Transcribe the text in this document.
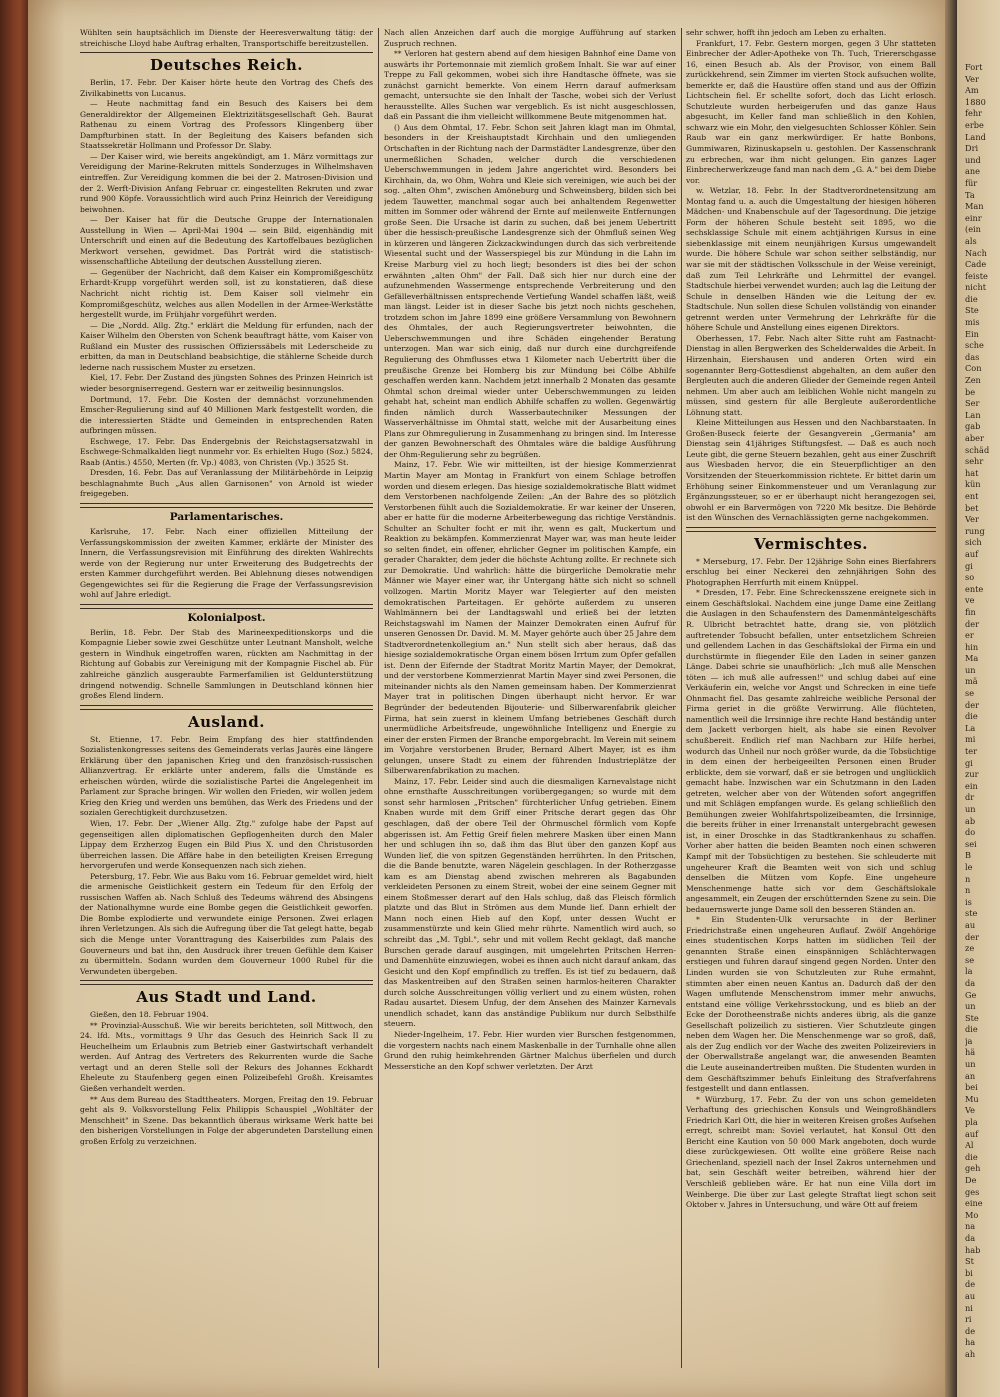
Fort
Ver
Am
1880
fehr
erbe
Land
Dri
und
ane
für
Ta
Man
einr
(ein
als
Nach
Cade
feiste
nicht
die
Ste
mis
Ein
sche
das
Con
Zen
be
Ser
Lan
gab
aber
schäd
sehr
hat
kün
ent
bet
Ver
rung
sich
auf
gi
so
ente
ve
fin
der
er
hin
Ma
un
mä
se
der
die
La
mi
ter
gi
zur
ein
dr
un
ab
do
sei
B
le
n
n
is
ste
au
der
ze
se
la
da
Ge
un
Ste
die
ja
hä
un
an
bei
Mu
Ve
pla
auf
Al
die
geh
De
ges
eine
Mo
na
da
hab
St
bi
de
au
ni
ri
de
ha
ah

Wühlten sein hauptsächlich im Dienste der Heeresverwaltung tätig: der streichische Lloyd habe Auftrag erhalten, Transportschiffe bereitzustellen.

Deutsches Reich.

Berlin, 17. Febr. Der Kaiser hörte heute den Vortrag des Chefs des Zivilkabinetts von Lucanus.

— Heute nachmittag fand ein Besuch des Kaisers bei dem Generaldirektor der Allgemeinen Elektrizitätsgesellschaft Geh. Baurat Rathenau zu einem Vortrag des Professors Klingenberg über Dampfturbinen statt. In der Begleitung des Kaisers befanden sich Staatssekretär Hollmann und Professor Dr. Slaby.

— Der Kaiser wird, wie bereits angekündigt, am 1. März vormittags zur Vereidigung der Marine-Rekruten mittels Sonderzuges in Wilhelmshaven eintreffen. Zur Vereidigung kommen die bei der 2. Matrosen-Division und der 2. Werft-Division Anfang Februar cr. eingestellten Rekruten und zwar rund 900 Köpfe. Voraussichtlich wird auch Prinz Heinrich der Vereidigung beiwohnen.

— Der Kaiser hat für die Deutsche Gruppe der Internationalen Ausstellung in Wien — April-Mai 1904 — sein Bild, eigenhändig mit Unterschrift und einen auf die Bedeutung des Kartoffelbaues bezüglichen Merkwort versehen, gewidmet. Das Porträt wird die statistisch-wissenschaftliche Abteilung der deutschen Ausstellung zieren.

— Gegenüber der Nachricht, daß dem Kaiser ein Kompromißgeschütz Erhardt-Krupp vorgeführt werden soll, ist zu konstatieren, daß diese Nachricht nicht richtig ist. Dem Kaiser soll vielmehr ein Kompromißgeschütz, welches aus allen Modellen in der Armee-Werkstätte hergestellt wurde, im Frühjahr vorgeführt werden.

— Die „Nordd. Allg. Ztg." erklärt die Meldung für erfunden, nach der Kaiser Wilhelm den Obersten von Schenk beauftragt hätte, vom Kaiser von Rußland ein Muster des russischen Offizierssäbels mit Lederscheide zu erbitten, da man in Deutschland beabsichtige, die stählerne Scheide durch lederne nach russischem Muster zu ersetzen.

Kiel, 17. Febr. Der Zustand des jüngsten Sohnes des Prinzen Heinrich ist wieder besorgniserregend. Gestern war er zeitweilig besinnungslos.

Dortmund, 17. Febr. Die Kosten der demnächst vorzunehmenden Emscher-Regulierung sind auf 40 Millionen Mark festgestellt worden, die die interessierten Städte und Gemeinden in entsprechenden Raten aufbringen müssen.

Eschwege, 17. Febr. Das Endergebnis der Reichstagsersatzwahl in Eschwege-Schmalkalden liegt nunmehr vor. Es erhielten Hugo (Soz.) 5824, Raab (Antis.) 4550, Merten (fr. Vp.) 4083, von Christen (Vp.) 3525 St.

Dresden, 16. Febr. Das auf Veranlassung der Militärbehörde in Leipzig beschlagnahmte Buch „Aus allen Garnisonen" von Arnold ist wieder freigegeben.

Parlamentarisches.

Karlsruhe, 17. Febr. Nach einer offiziellen Mitteilung der Verfassungskommission der zweiten Kammer, erklärte der Minister des Innern, die Verfassungsrevision mit Einführung des direkten Wahlrechts werde von der Regierung nur unter Erweiterung des Budgetrechts der ersten Kammer durchgeführt werden. Bei Ablehnung dieses notwendigen Gegengewichtes sei für die Regierung die Frage der Verfassungsrevision wohl auf Jahre erledigt.

Kolonialpost.

Berlin, 18. Febr. Der Stab des Marineexpeditionskorps und die Kompagnie Lieber sowie zwei Geschütze unter Leutnant Mansholt, welche gestern in Windhuk eingetroffen waren, rückten am Nachmittag in der Richtung auf Gobabis zur Vereinigung mit der Kompagnie Fischel ab. Für zahlreiche gänzlich ausgeraubte Farmerfamilien ist Geldunterstützung dringend notwendig. Schnelle Sammlungen in Deutschland können hier großes Elend lindern.

Ausland.

St. Etienne, 17. Febr. Beim Empfang des hier stattfindenden Sozialistenkongresses seitens des Gemeinderats verlas Jaurès eine längere Erklärung über den japanischen Krieg und den französisch-russischen Allianzvertrag. Er erklärte unter anderem, falls die Umstände es erheischen würden, würde die sozialistische Partei die Angelegenheit im Parlament zur Sprache bringen. Wir wollen den Frieden, wir wollen jedem Krieg den Krieg und werden uns bemühen, das Werk des Friedens und der sozialen Gerechtigkeit durchzusetzen.

Wien, 17. Febr. Der „Wiener Allg. Ztg." zufolge habe der Papst auf gegenseitigen allen diplomatischen Gepflogenheiten durch den Maler Lippay dem Erzherzog Eugen ein Bild Pius X. und den Christusorden überreichen lassen. Die Affäre habe in den beteiligten Kreisen Erregung hervorgerufen und werde Konsequenzen nach sich ziehen.

Petersburg, 17. Febr. Wie aus Baku vom 16. Februar gemeldet wird, hielt die armenische Geistlichkeit gestern ein Tedeum für den Erfolg der russischen Waffen ab. Nach Schluß des Tedeums während des Absingens der Nationalhymne wurde eine Bombe gegen die Geistlichkeit geworfen. Die Bombe explodierte und verwundete einige Personen. Zwei erlagen ihren Verletzungen. Als sich die Aufregung über die Tat gelegt hatte, begab sich die Menge unter Voranttragung des Kaiserbildes zum Palais des Gouverneurs und bat ihn, den Ausdruck ihrer treuen Gefühle dem Kaiser zu übermitteln. Sodann wurden dem Gouverneur 1000 Rubel für die Verwundeten übergeben.

Aus Stadt und Land.

Gießen, den 18. Februar 1904.

** Provinzial-Ausschuß. Wie wir bereits berichteten, soll Mittwoch, den 24. lfd. Mts., vormittags 9 Uhr das Gesuch des Heinrich Sack II zu Heuchelheim um Erlaubnis zum Betrieb einer Gastwirtschaft verhandelt werden. Auf Antrag des Vertreters des Rekurrenten wurde die Sache vertagt und an deren Stelle soll der Rekurs des Johannes Eckhardt Eheleute zu Staufenberg gegen einen Polizeibefehl Großh. Kreisamtes Gießen verhandelt werden.

** Aus dem Bureau des Stadttheaters. Morgen, Freitag den 19. Februar geht als 9. Volksvorstellung Felix Philippis Schauspiel „Wohltäter der Menschheit" in Szene. Das bekanntlich überaus wirksame Werk hatte bei den bisherigen Vorstellungen in Folge der abgerundeten Darstellung einen großen Erfolg zu verzeichnen.

Nach allen Anzeichen darf auch die morgige Aufführung auf starken Zuspruch rechnen.

** Verloren hat gestern abend auf dem hiesigen Bahnhof eine Dame von auswärts ihr Portemonnaie mit ziemlich großem Inhalt. Sie war auf einer Treppe zu Fall gekommen, wobei sich ihre Handtasche öffnete, was sie zunächst garnicht bemerkte. Von einem Herrn darauf aufmerksam gemacht, untersuchte sie den Inhalt der Tasche, wobei sich der Verlust herausstellte. Alles Suchen war vergeblich. Es ist nicht ausgeschlossen, daß ein Passant die ihm vielleicht willkommene Beute mitgenommen hat.

() Aus dem Ohmtal, 17. Febr. Schon seit Jahren klagt man im Ohmtal, besonders in der Kreishauptstadt Kirchhain und den umliegenden Ortschaften in der Richtung nach der Darmstädter Landesgrenze, über den unermeßlichen Schaden, welcher durch die verschiedenen Ueberschwemmungen in jedem Jahre angerichtet wird. Besonders bei Kirchhain, da, wo Ohm, Wohra und Kleie sich vereinigen, wie auch bei der sog. „alten Ohm", zwischen Amöneburg und Schweinsberg, bilden sich bei jedem Tauwetter, manchmal sogar auch bei anhaltendem Regenwetter mitten im Sommer oder während der Ernte auf meilenweite Entfernungen große Seen. Die Ursache ist darin zu suchen, daß bei jenem Uebertritt über die hessisch-preußische Landesgrenze sich der Ohmfluß seinen Weg in kürzeren und längeren Zickzackwindungen durch das sich verbreitende Wiesental sucht und der Wasserspiegel bis zur Mündung in die Lahn im Kreise Marburg viel zu hoch liegt; besonders ist dies bei der schon erwähnten „alten Ohm" der Fall. Daß sich hier nur durch eine der aufzunehmenden Wassermenge entsprechende Verbreiterung und den Gefälleverhältnissen entsprechende Vertiefung Wandel schaffen läßt, weiß man längst. Leider ist in dieser Sache bis jetzt noch nichts geschehen, trotzdem schon im Jahre 1899 eine größere Versammlung von Bewohnern des Ohmtales, der auch Regierungsvertreter beiwohnten, die Ueberschwemmungen und ihre Schäden eingehender Beratung unterzogen. Man war sich einig, daß nur durch eine durchgreifende Regulierung des Ohmflusses etwa 1 Kilometer nach Uebertritt über die preußische Grenze bei Homberg bis zur Mündung bei Cölbe Abhilfe geschaffen werden kann. Nachdem jetzt innerhalb 2 Monaten das gesamte Ohmtal schon dreimal wieder unter Ueberschwemmungen zu leiden gehabt hat, scheint man endlich Abhilfe schaffen zu wollen. Gegenwärtig finden nämlich durch Wasserbautechniker Messungen der Wasserverhältnisse im Ohmtal statt, welche mit der Ausarbeitung eines Plans zur Ohmregulierung in Zusammenhang zu bringen sind. Im Interesse der ganzen Bewohnerschaft des Ohmtales wäre die baldige Ausführung der Ohm-Regulierung sehr zu begrüßen.

Mainz, 17. Febr. Wie wir mitteilten, ist der hiesige Kommerzienrat Martin Mayer am Montag in Frankfurt von einem Schlage betroffen worden und diesem erlegen. Das hiesige sozialdemokratische Blatt widmet dem Verstorbenen nachfolgende Zeilen: „An der Bahre des so plötzlich Verstorbenen fühlt auch die Sozialdemokratie. Er war keiner der Unseren, aber er hatte für die moderne Arbeiterbewegung das richtige Verständnis. Schulter an Schulter focht er mit ihr, wenn es galt, Muckertum und Reaktion zu bekämpfen. Kommerzienrat Mayer war, was man heute leider so selten findet, ein offener, ehrlicher Gegner im politischen Kampfe, ein gerader Charakter, dem jeder die höchste Achtung zollte. Er rechnete sich zur Demokratie. Und wahrlich: hätte die bürgerliche Demokratie mehr Männer wie Mayer einer war, ihr Untergang hätte sich nicht so schnell vollzogen. Martin Moritz Mayer war Telegierter auf den meisten demokratischen Parteitagen. Er gehörte außerdem zu unseren Wahlmännern bei der Landtagswahl und erließ bei der letzten Reichstagswahl im Namen der Mainzer Demokraten einen Aufruf für unseren Genossen Dr. David. M. M. Mayer gehörte auch über 25 Jahre dem Stadtverordnetenkollegium an." Nun stellt sich aber heraus, daß das hiesige sozialdemokratische Organ einem bösen Irrtum zum Opfer gefallen ist. Denn der Eifernde der Stadtrat Moritz Martin Mayer, der Demokrat, und der verstorbene Kommerzienrat Martin Mayer sind zwei Personen, die miteinander nichts als den Namen gemeinsam haben. Der Kommerzienrat Mayer trat in politischen Dingen überhaupt nicht hervor. Er war Begründer der bedeutenden Bijouterie- und Silberwarenfabrik gleicher Firma, hat sein zuerst in kleinem Umfang betriebenes Geschäft durch unermüdliche Arbeitsfreude, ungewöhnliche Intelligenz und Energie zu einer der ersten Firmen der Branche emporgebracht. Im Verein mit seinem im Vorjahre verstorbenen Bruder, Bernard Albert Mayer, ist es ihm gelungen, unsere Stadt zu einem der führenden Industrieplätze der Silberwarenfabrikation zu machen.

Mainz, 17. Febr. Leider sind auch die diesmaligen Karnevalstage nicht ohne ernsthafte Ausschreitungen vorübergegangen; so wurde mit dem sonst sehr harmlosen „Pritschen" fürchterlicher Unfug getrieben. Einem Knaben wurde mit dem Griff einer Pritsche derart gegen das Ohr geschlagen, daß der obere Teil der Ohrmuschel förmlich vom Kopfe abgerissen ist. Am Fettig Greif fielen mehrere Masken über einen Mann her und schlugen ihn so, daß ihm das Blut über den ganzen Kopf aus Wunden lief, die von spitzen Gegenständen herrührten. In den Pritschen, die die Bande benutzte, waren Nägelein geschlagen. In der Rotherzgasse kam es am Dienstag abend zwischen mehreren als Bagabunden verkleideten Personen zu einem Streit, wobei der eine seinem Gegner mit einem Stoßmesser derart auf den Hals schlug, daß das Fleisch förmlich platzte und das Blut in Strömen aus dem Munde lief. Dann erhielt der Mann noch einen Hieb auf den Kopf, unter dessen Wucht er zusammenstürzte und kein Glied mehr rührte. Namentlich wird auch, so schreibt das „M. Tgbl.", sehr und mit vollem Recht geklagt, daß manche Burschen gerade darauf ausgingen, mit umgelehrten Pritschen Herren- und Damenhüte einzuwiegen, wobei es ihnen auch nicht darauf ankam, das Gesicht und den Kopf empfindlich zu treffen. Es ist tief zu bedauern, daß das Maskentreiben auf den Straßen seinen harmlos-heiteren Charakter durch solche Ausschreitungen völlig verliert und zu einem wüsten, rohen Radau ausartet. Diesem Unfug, der dem Ansehen des Mainzer Karnevals unendlich schadet, kann das anständige Publikum nur durch Selbsthilfe steuern.

Nieder-Ingelheim, 17. Febr. Hier wurden vier Burschen festgenommen, die vorgestern nachts nach einem Maskenballe in der Turnhalle ohne allen Grund den ruhig heimkehrenden Gärtner Malchus überfielen und durch Messerstiche an den Kopf schwer verletzten. Der Arzt

sehr schwer, hofft ihn jedoch am Leben zu erhalten.

Frankfurt, 17. Febr. Gestern morgen, gegen 3 Uhr statteten Einbrecher der Adler-Apotheke von Th. Tuch, Triererschgasse 16, einen Besuch ab. Als der Provisor, von einem Ball zurückkehrend, sein Zimmer im vierten Stock aufsuchen wollte, bemerkte er, daß die Haustüre offen stand und aus der Offizin Lichtschein fiel. Er schellte sofort, doch das Licht erlosch. Schutzleute wurden herbeigerufen und das ganze Haus abgesucht, im Keller fand man schließlich in den Kohlen, schwarz wie ein Mohr, den vielgesuchten Schlosser Köhler. Sein Raub war ein ganz merkwürdiger. Er hatte Bonbons, Gummiwaren, Rizinuskapseln u. gestohlen. Der Kassenschrank zu erbrechen, war ihm nicht gelungen. Ein ganzes Lager Einbrecherwerkzeuge fand man nach dem „G. A." bei dem Diebe vor.

w. Wetzlar, 18. Febr. In der Stadtverordnetensitzung am Montag fand u. a. auch die Umgestaltung der hiesigen höheren Mädchen- und Knabenschule auf der Tagesordnung. Die jetzige Form der höheren Schule besteht seit 1895, wo die sechsklassige Schule mit einem achtjährigen Kursus in eine siebenklassige mit einem neunjährigen Kursus umgewandelt wurde. Die höhere Schule war schon seither selbständig, nur war sie mit der städtischen Volksschule in der Weise vereinigt, daß zum Teil Lehrkräfte und Lehrmittel der evangel. Stadtschule hierbei verwendet wurden; auch lag die Leitung der Schule in denselben Händen wie die Leitung der ev. Stadtschule. Nun sollen diese Schulen vollständig von einander getrennt werden unter Vermehrung der Lehrkräfte für die höhere Schule und Anstellung eines eigenen Direktors.

Oberhessen, 17. Febr. Nach alter Sitte ruht am Fastnacht-Dienstag in allen Bergwerken des Schelderwaldes die Arbeit. In Hirzenhain, Eiershausen und anderen Orten wird ein sogenannter Berg-Gottesdienst abgehalten, an dem außer den Bergleuten auch die anderen Glieder der Gemeinde regen Anteil nehmen. Um aber auch am leiblichen Wohle nicht mangeln zu müssen, sind gestern für alle Bergleute außerordentliche Löhnung statt.

Kleine Mitteilungen aus Hessen und den Nachbarstaaten. In Großen-Buseck feierte der Gesangverein „Germania" am Dienstag sein 41jähriges Stiftungsfest. — Daß es auch noch Leute gibt, die gerne Steuern bezahlen, geht aus einer Zuschrift aus Wiesbaden hervor, die ein Steuerpflichtiger an den Vorsitzenden der Steuerkommission richtete. Er bittet darin um Erhöhung seiner Einkommensteuer und um Veranlagung zur Ergänzungssteuer, so er er überhaupt nicht herangezogen sei, obwohl er ein Barvermögen von 7220 Mk besitze. Die Behörde ist den Wünschen des Vernachlässigten gerne nachgekommen.

Vermischtes.

* Merseburg, 17. Febr. Der 12jährige Sohn eines Bierfahrers erschlug bei einer Neckerei den zehnjährigen Sohn des Photographen Herrfurth mit einem Knüppel.

* Dresden, 17. Febr. Eine Schreckensszene ereignete sich in einem Geschäftslokal. Nachdem eine junge Dame eine Zeitlang die Auslagen in den Schaufenstern des Damenmäntelgeschäfts R. Ulbricht betrachtet hatte, drang sie, von plötzlich auftretender Tobsucht befallen, unter entsetzlichem Schreien und gellendem Lachen in das Geschäftslokal der Firma ein und durchstürmte in fliegender Eile den Laden in seiner ganzen Länge. Dabei schrie sie unaufhörlich: „Ich muß alle Menschen töten — ich muß alle aufressen!" und schlug dabei auf eine Verkäuferin ein, welche vor Angst und Schrecken in eine tiefe Ohnmacht fiel. Das gesamte zahlreiche weibliche Personal der Firma geriet in die größte Verwirrung. Alle flüchteten, namentlich weil die Irrsinnige ihre rechte Hand beständig unter dem Jackett verborgen hielt, als habe sie einen Revolver schußbereit. Endlich rief man Nachbarn zur Hilfe herbei, wodurch das Unheil nur noch größer wurde, da die Tobsüchtige in dem einen der herbeigeeilten Personen einen Bruder erblickte, dem sie vorwarf, daß er sie betrogen und unglücklich gemacht habe. Inzwischen war ein Schutzmann in den Laden getreten, welcher aber von der Wütenden sofort angegriffen und mit Schlägen empfangen wurde. Es gelang schließlich den Bemühungen zweier Wohlfahrtspolizeibeamten, die Irrsinnige, die bereits früher in einer Irrenanstalt untergebracht gewesen ist, in einer Droschke in das Stadtkrankenhaus zu schaffen. Vorher aber hatten die beiden Beamten noch einen schweren Kampf mit der Tobsüchtigen zu bestehen. Sie schleuderte mit ungeheurer Kraft die Beamten weit von sich und schlug denselben die Mützen vom Kopfe. Eine ungeheure Menschenmenge hatte sich vor dem Geschäftslokale angesammelt, ein Zeugen der erschütternden Szene zu sein. Die bedauernswerte junge Dame soll den besseren Ständen an.

* Ein Studenten-Ulk verursachte in der Berliner Friedrichstraße einen ungeheuren Auflauf. Zwölf Angehörige eines studentischen Korps hatten im südlichen Teil der genannten Straße einen einspännigen Schlächterwagen erstiegen und fuhren darauf singend gegen Norden. Unter den Linden wurden sie von Schutzleuten zur Ruhe ermahnt, stimmten aber einen neuen Kantus an. Dadurch daß der den Wagen umflutende Menschenstrom immer mehr anwuchs, entstand eine völlige Verkehrsstockung, und es blieb an der Ecke der Dorotheenstraße nichts anderes übrig, als die ganze Gesellschaft polizeilich zu sistieren. Vier Schutzleute gingen neben dem Wagen her. Die Menschenmenge war so groß, daß, als der Zug endlich vor der Wache des zweiten Polizeireviers in der Oberwallstraße angelangt war, die anwesenden Beamten die Leute auseinandertreiben mußten. Die Studenten wurden in dem Geschäftszimmer behufs Einleitung des Strafverfahrens festgestellt und dann entlassen.

* Würzburg, 17. Febr. Zu der von uns schon gemeldeten Verhaftung des griechischen Konsuls und Weingroßhändlers Friedrich Karl Ott, die hier in weiteren Kreisen großes Aufsehen erregt, schreibt man: Soviel verlautet, hat Konsul Ott den Bericht eine Kaution von 50 000 Mark angeboten, doch wurde diese zurückgewiesen. Ott wollte eine größere Reise nach Griechenland, speziell nach der Insel Zakros unternehmen und bat, sein Geschäft weiter betreiben, während hier der Verschleiß geblieben wäre. Er hat nun eine Villa dort im Weinberge. Die über zur Last gelegte Straftat liegt schon seit Oktober v. Jahres in Untersuchung, und wäre Ott auf freiem
